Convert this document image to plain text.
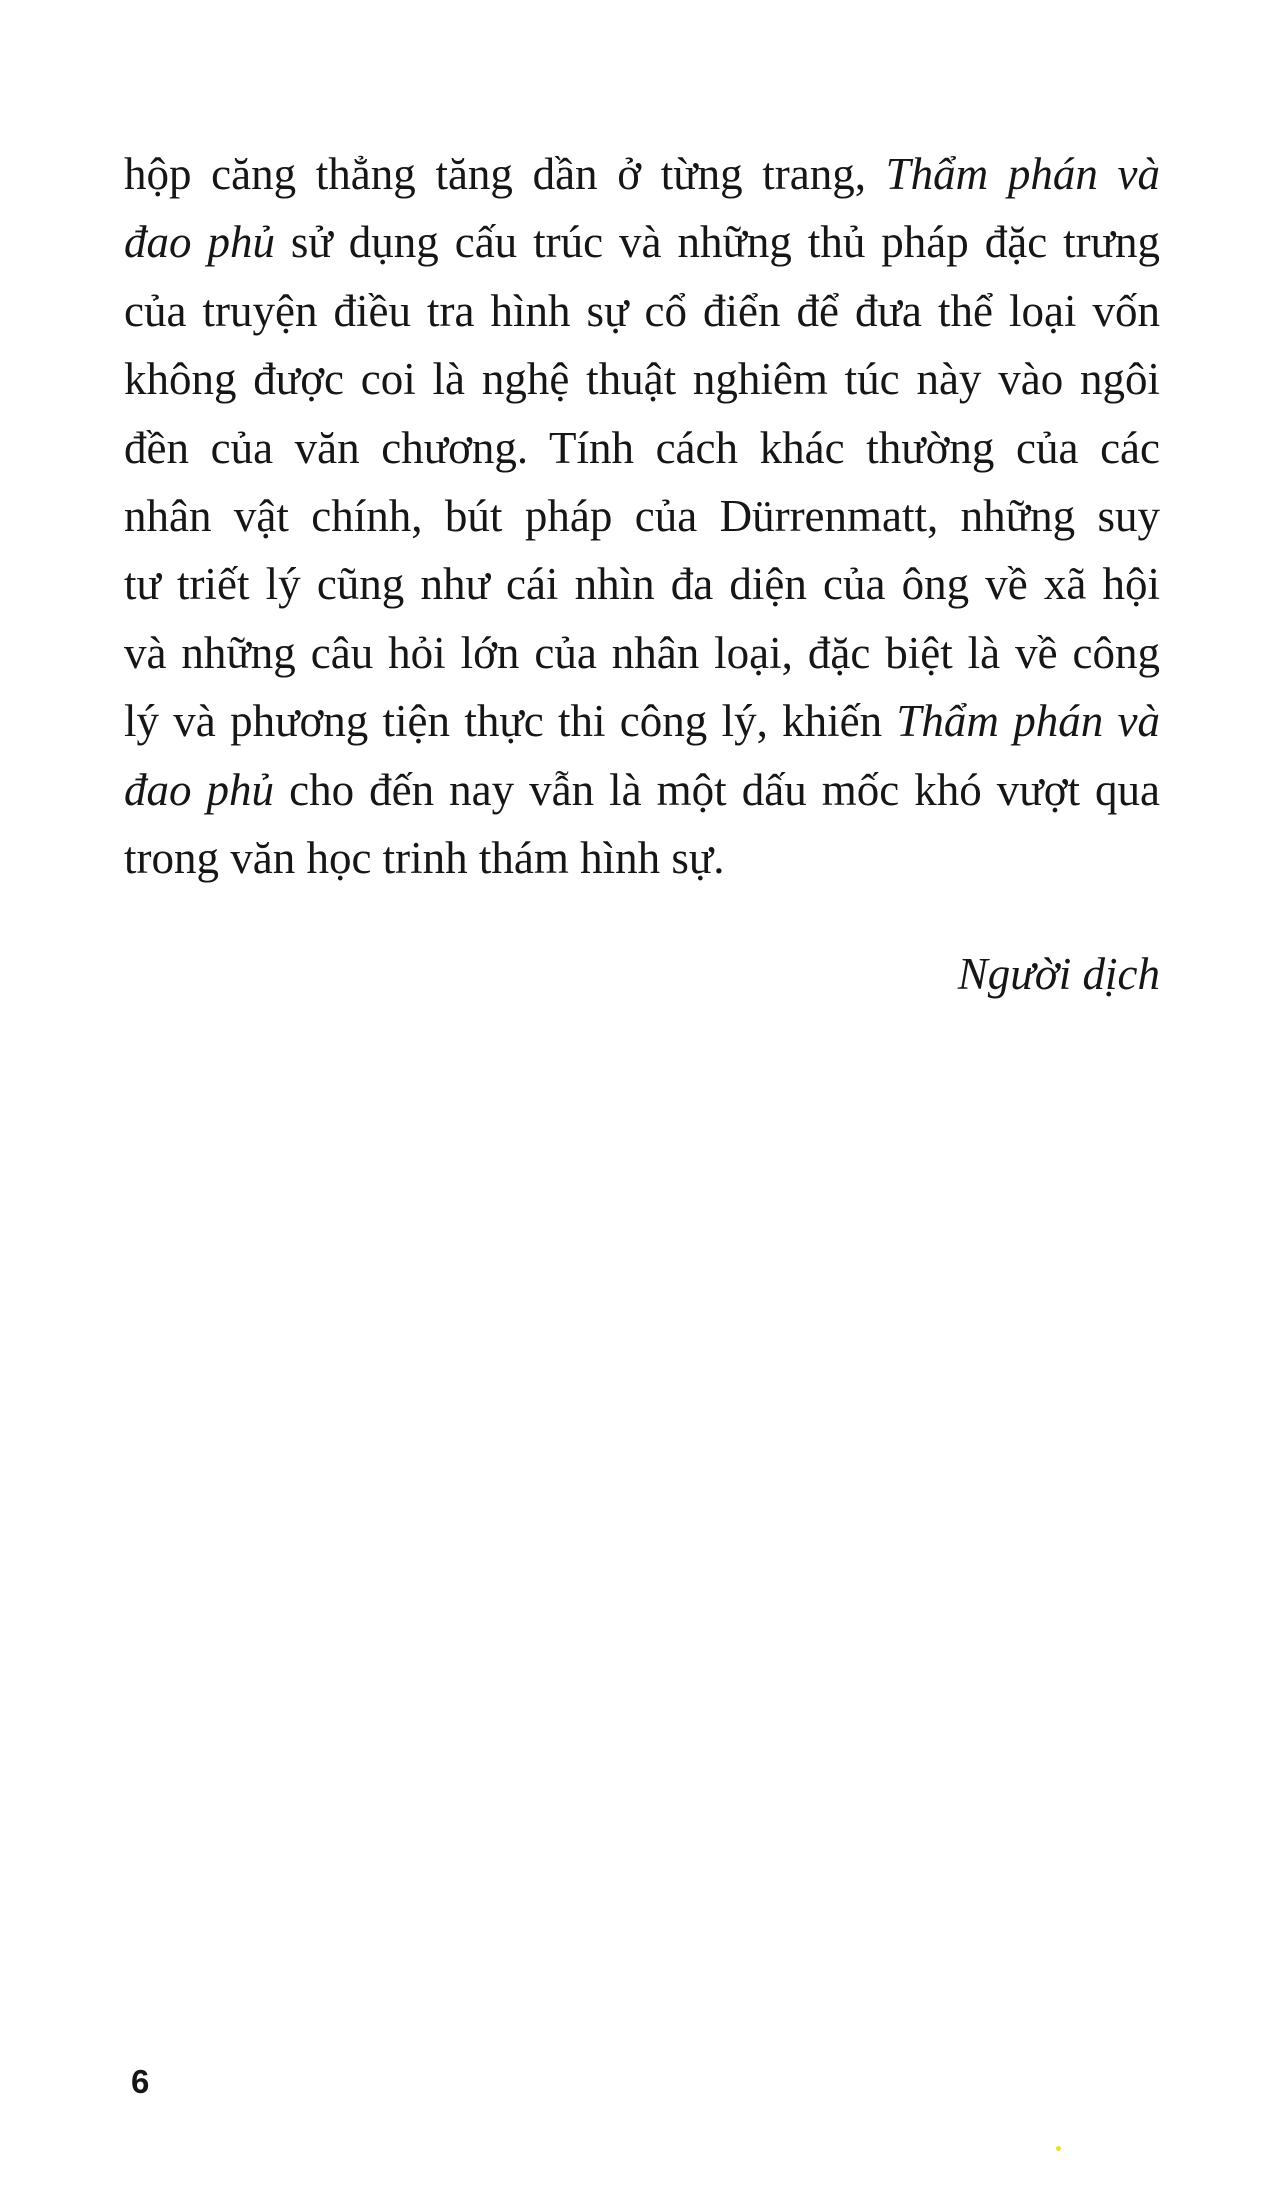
hộp căng thẳng tăng dần ở từng trang, Thẩm phán và
đao phủ sử dụng cấu trúc và những thủ pháp đặc trưng
của truyện điều tra hình sự cổ điển để đưa thể loại vốn
không được coi là nghệ thuật nghiêm túc này vào ngôi
đền của văn chương. Tính cách khác thường của các
nhân vật chính, bút pháp của Dürrenmatt, những suy
tư triết lý cũng như cái nhìn đa diện của ông về xã hội
và những câu hỏi lớn của nhân loại, đặc biệt là về công
lý và phương tiện thực thi công lý, khiến Thẩm phán và
đao phủ cho đến nay vẫn là một dấu mốc khó vượt qua
trong văn học trinh thám hình sự.

Người dịch

6
